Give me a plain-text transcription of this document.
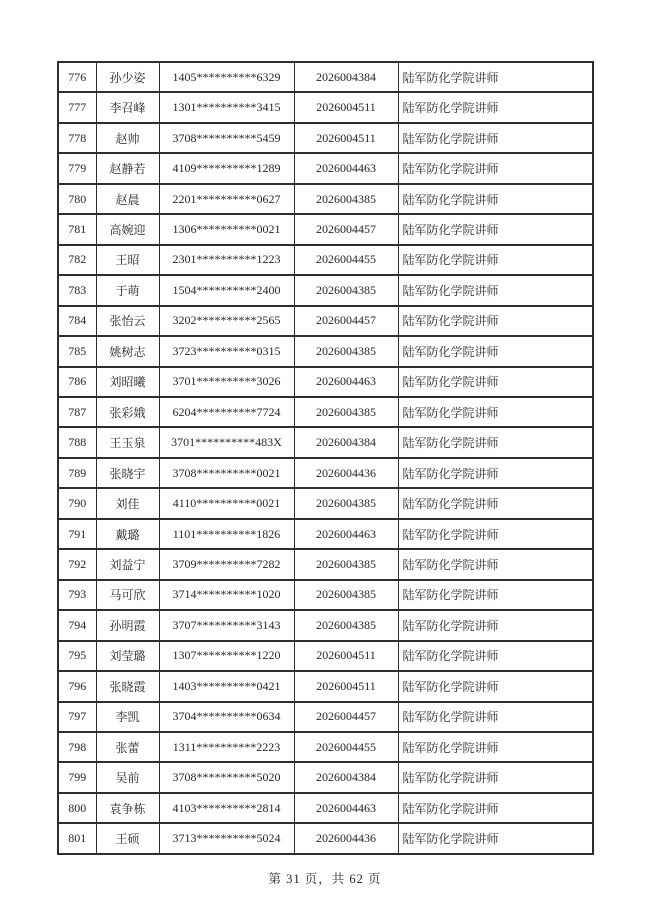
776	孙少姿	1405**********6329	2026004384	陆军防化学院讲师
777	李召峰	1301**********3415	2026004511	陆军防化学院讲师
778	赵帅	3708**********5459	2026004511	陆军防化学院讲师
779	赵静若	4109**********1289	2026004463	陆军防化学院讲师
780	赵晨	2201**********0627	2026004385	陆军防化学院讲师
781	高婉迎	1306**********0021	2026004457	陆军防化学院讲师
782	王昭	2301**********1223	2026004455	陆军防化学院讲师
783	于萌	1504**********2400	2026004385	陆军防化学院讲师
784	张怡云	3202**********2565	2026004457	陆军防化学院讲师
785	姚树志	3723**********0315	2026004385	陆军防化学院讲师
786	刘昭曦	3701**********3026	2026004463	陆军防化学院讲师
787	张彩娥	6204**********7724	2026004385	陆军防化学院讲师
788	王玉泉	3701**********483X	2026004384	陆军防化学院讲师
789	张晓宇	3708**********0021	2026004436	陆军防化学院讲师
790	刘佳	4110**********0021	2026004385	陆军防化学院讲师
791	戴璐	1101**********1826	2026004463	陆军防化学院讲师
792	刘益宁	3709**********7282	2026004385	陆军防化学院讲师
793	马可欣	3714**********1020	2026004385	陆军防化学院讲师
794	孙明霞	3707**********3143	2026004385	陆军防化学院讲师
795	刘莹璐	1307**********1220	2026004511	陆军防化学院讲师
796	张晓霞	1403**********0421	2026004511	陆军防化学院讲师
797	李凯	3704**********0634	2026004457	陆军防化学院讲师
798	张蕾	1311**********2223	2026004455	陆军防化学院讲师
799	吴前	3708**********5020	2026004384	陆军防化学院讲师
800	袁争栋	4103**********2814	2026004463	陆军防化学院讲师
801	王硕	3713**********5024	2026004436	陆军防化学院讲师
第 31 页，共 62 页
